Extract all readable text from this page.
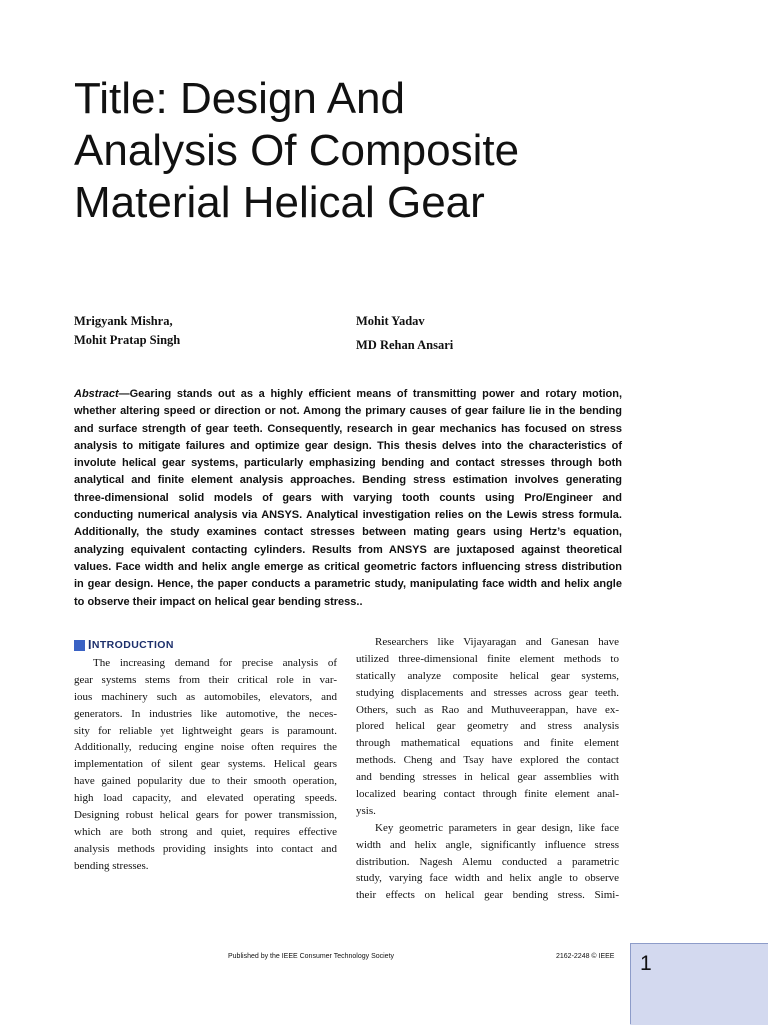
Title: Design And
Analysis Of Composite
Material Helical Gear
Mrigyank Mishra,
Mohit Pratap Singh
Mohit Yadav
MD Rehan Ansari
Abstract—Gearing stands out as a highly efficient means of transmitting power and rotary motion,
whether altering speed or direction or not. Among the primary causes of gear failure lie in the bending
and surface strength of gear teeth. Consequently, research in gear mechanics has focused on stress
analysis to mitigate failures and optimize gear design. This thesis delves into the characteristics of
involute helical gear systems, particularly emphasizing bending and contact stresses through both
analytical and finite element analysis approaches. Bending stress estimation involves generating
three-dimensional solid models of gears with varying tooth counts using Pro/Engineer and
conducting numerical analysis via ANSYS. Analytical investigation relies on the Lewis stress formula.
Additionally, the study examines contact stresses between mating gears using Hertz’s equation,
analyzing equivalent contacting cylinders. Results from ANSYS are juxtaposed against theoretical
values. Face width and helix angle emerge as critical geometric factors influencing stress distribution
in gear design. Hence, the paper conducts a parametric study, manipulating face width and helix angle
to observe their impact on helical gear bending stress..
I NTRODUCTION
The increasing demand for precise analysis of
gear systems stems from their critical role in var-
ious machinery such as automobiles, elevators, and
generators. In industries like automotive, the neces-
sity for reliable yet lightweight gears is paramount.
Additionally, reducing engine noise often requires the
implementation of silent gear systems. Helical gears
have gained popularity due to their smooth operation,
high load capacity, and elevated operating speeds.
Designing robust helical gears for power transmission,
which are both strong and quiet, requires effective
analysis methods providing insights into contact and
bending stresses.
Researchers like Vijayaragan and Ganesan have
utilized three-dimensional finite element methods to
statically analyze composite helical gear systems,
studying displacements and stresses across gear teeth.
Others, such as Rao and Muthuveerappan, have ex-
plored helical gear geometry and stress analysis
through mathematical equations and finite element
methods. Cheng and Tsay have explored the contact
and bending stresses in helical gear assemblies with
localized bearing contact through finite element anal-
ysis.
Key geometric parameters in gear design, like face
width and helix angle, significantly influence stress
distribution. Nagesh Alemu conducted a parametric
study, varying face width and helix angle to observe
their effects on helical gear bending stress. Simi-
Published by the IEEE Consumer Technology Society	2162-2248 © IEEE 1
